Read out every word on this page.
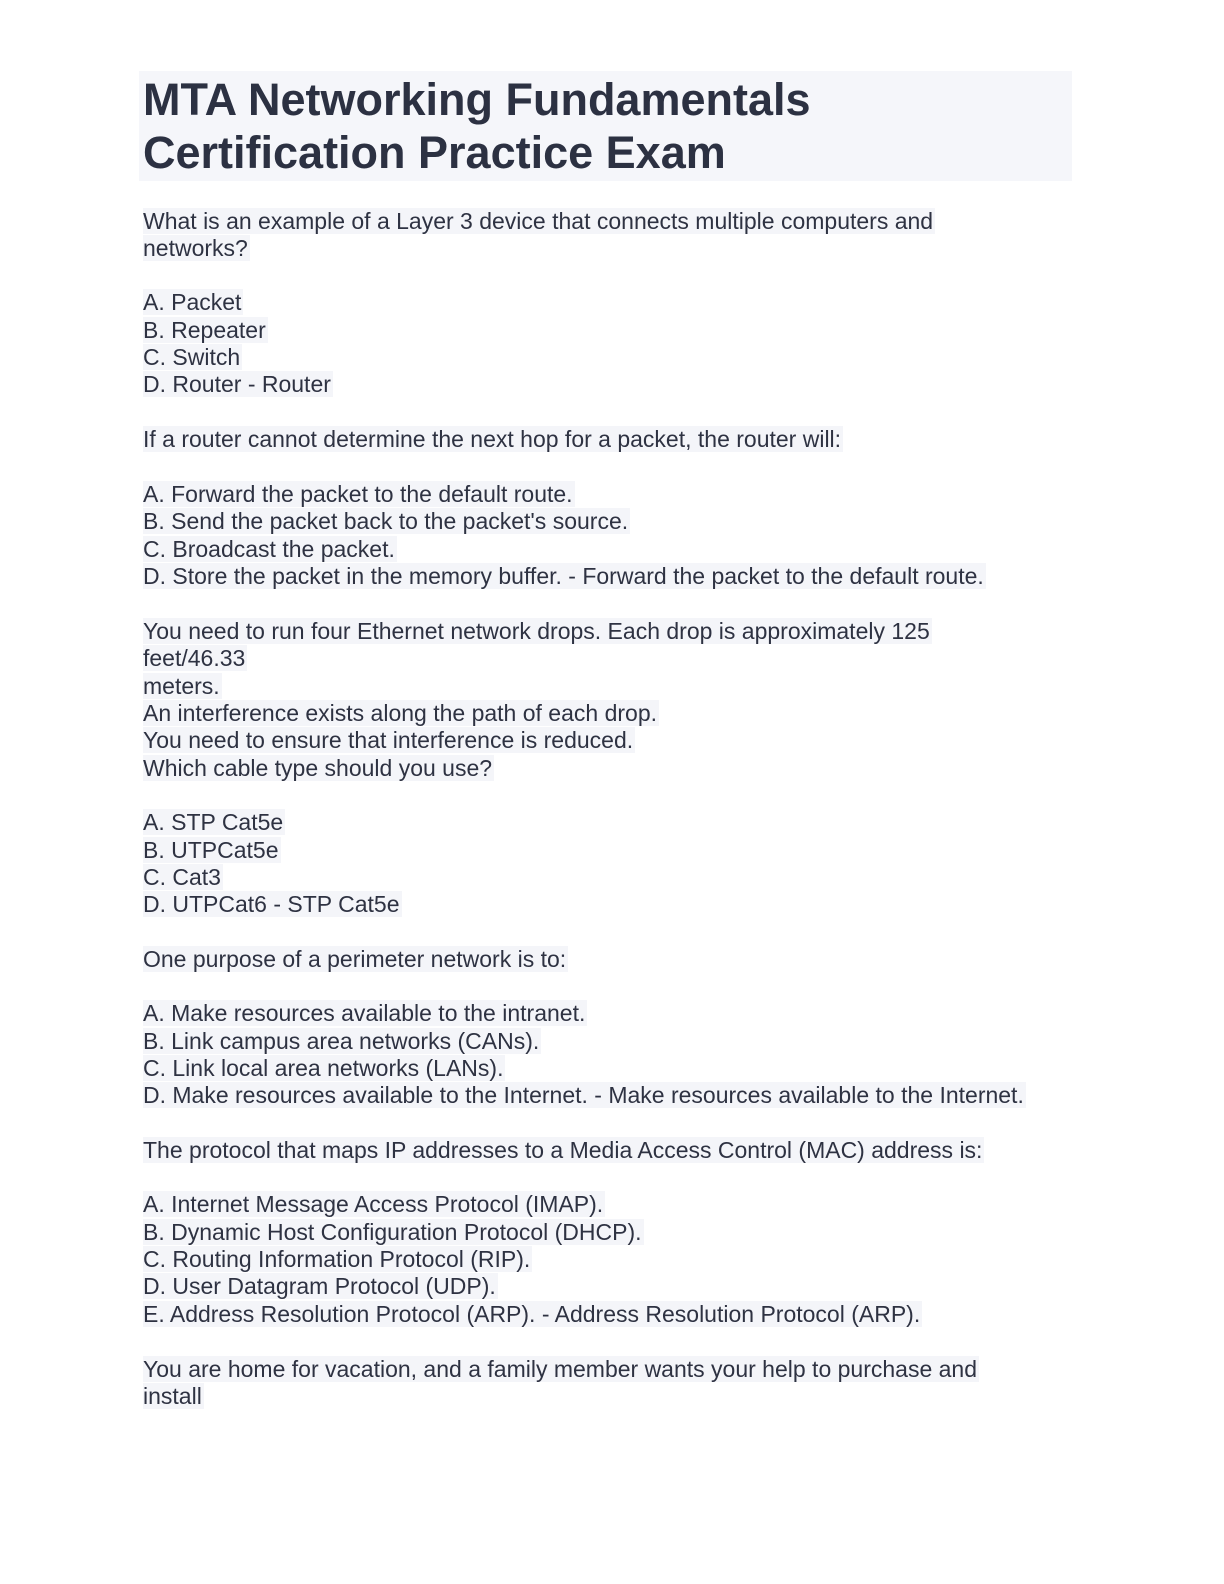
MTA Networking Fundamentals
Certification Practice Exam
What is an example of a Layer 3 device that connects multiple computers and
networks?
A. Packet
B. Repeater
C. Switch
D. Router - Router
If a router cannot determine the next hop for a packet, the router will:
A. Forward the packet to the default route.
B. Send the packet back to the packet's source.
C. Broadcast the packet.
D. Store the packet in the memory buffer. - Forward the packet to the default route.
You need to run four Ethernet network drops. Each drop is approximately 125
feet/46.33
meters.
An interference exists along the path of each drop.
You need to ensure that interference is reduced.
Which cable type should you use?
A. STP Cat5e
B. UTPCat5e
C. Cat3
D. UTPCat6 - STP Cat5e
One purpose of a perimeter network is to:
A. Make resources available to the intranet.
B. Link campus area networks (CANs).
C. Link local area networks (LANs).
D. Make resources available to the Internet. - Make resources available to the Internet.
The protocol that maps IP addresses to a Media Access Control (MAC) address is:
A. Internet Message Access Protocol (IMAP).
B. Dynamic Host Configuration Protocol (DHCP).
C. Routing Information Protocol (RIP).
D. User Datagram Protocol (UDP).
E. Address Resolution Protocol (ARP). - Address Resolution Protocol (ARP).
You are home for vacation, and a family member wants your help to purchase and
install
